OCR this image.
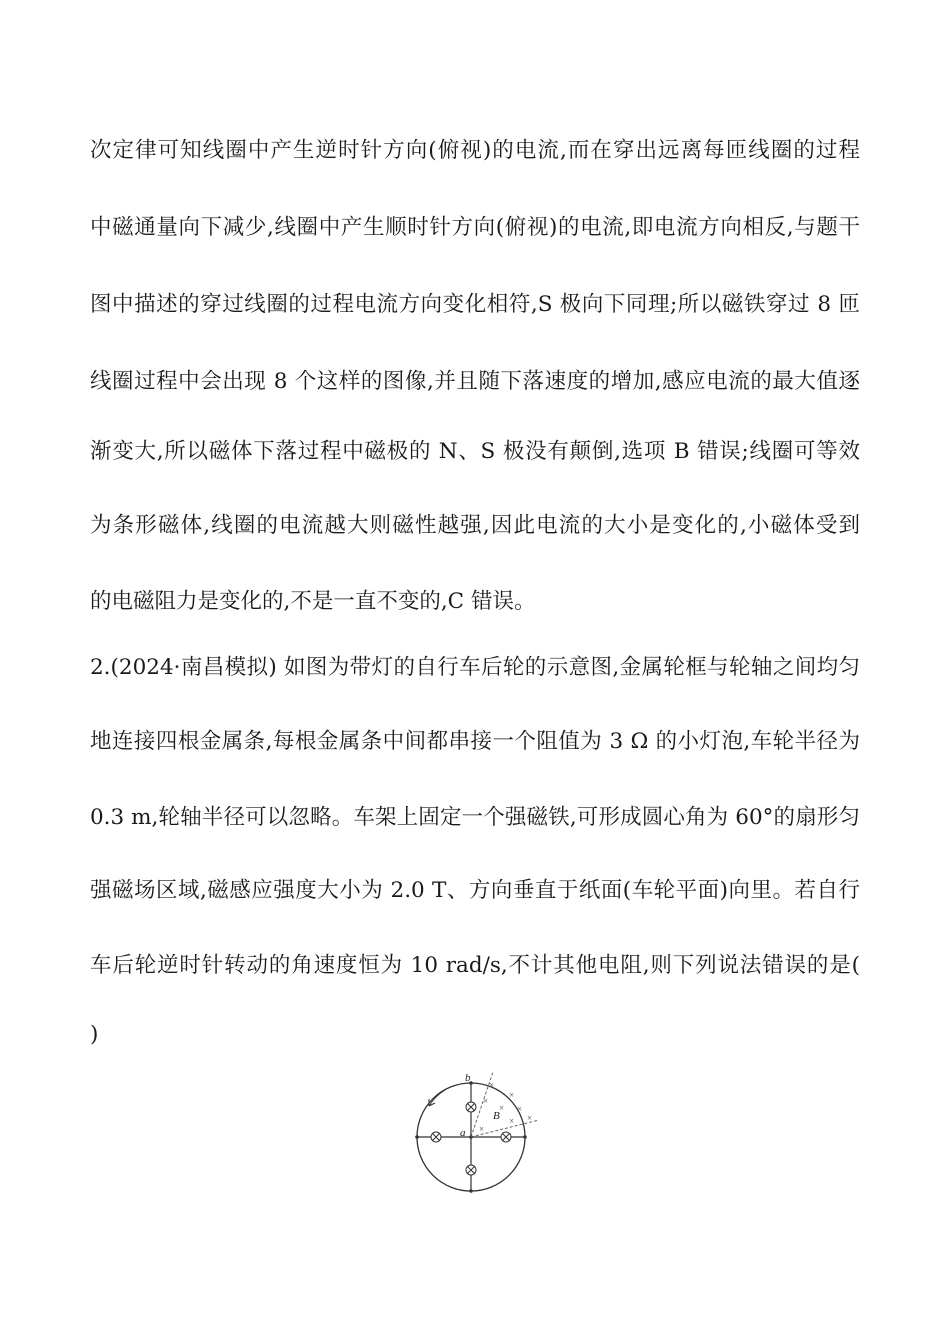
次定律可知线圈中产生逆时针方向(俯视)的电流,而在穿出远离每匝线圈的过程
中磁通量向下减少,线圈中产生顺时针方向(俯视)的电流,即电流方向相反,与题干
图中描述的穿过线圈的过程电流方向变化相符,S 极向下同理;所以磁铁穿过 8 匝
线圈过程中会出现 8 个这样的图像,并且随下落速度的增加,感应电流的最大值逐
渐变大,所以磁体下落过程中磁极的 N、S 极没有颠倒,选项 B 错误;线圈可等效
为条形磁体,线圈的电流越大则磁性越强,因此电流的大小是变化的,小磁体受到
的电磁阻力是变化的,不是一直不变的,C 错误。
2.(2024·南昌模拟) 如图为带灯的自行车后轮的示意图,金属轮框与轮轴之间均匀
地连接四根金属条,每根金属条中间都串接一个阻值为 3 Ω 的小灯泡,车轮半径为
0.3 m,轮轴半径可以忽略。车架上固定一个强磁铁,可形成圆心角为 60°的扇形匀
强磁场区域,磁感应强度大小为 2.0 T、方向垂直于纸面(车轮平面)向里。若自行
车后轮逆时针转动的角速度恒为 10 rad/s,不计其他电阻,则下列说法错误的是(
)
×
×
×
× ×
×
×
×
b
a
B
